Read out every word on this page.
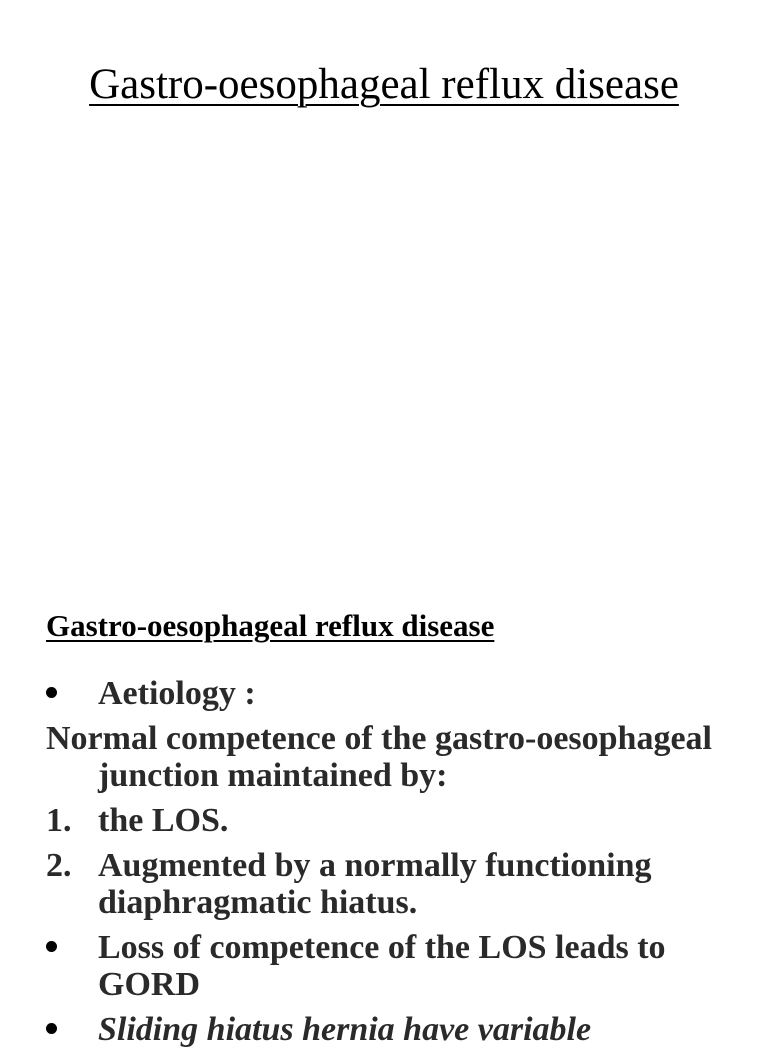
Gastro-oesophageal reflux disease
Gastro-oesophageal reflux disease
Aetiology :
Normal competence of the gastro-oesophageal junction maintained by:
1. the LOS.
2. Augmented by a normally functioning diaphragmatic hiatus.
Loss of competence of the LOS leads to GORD
Sliding hiatus hernia have variable
